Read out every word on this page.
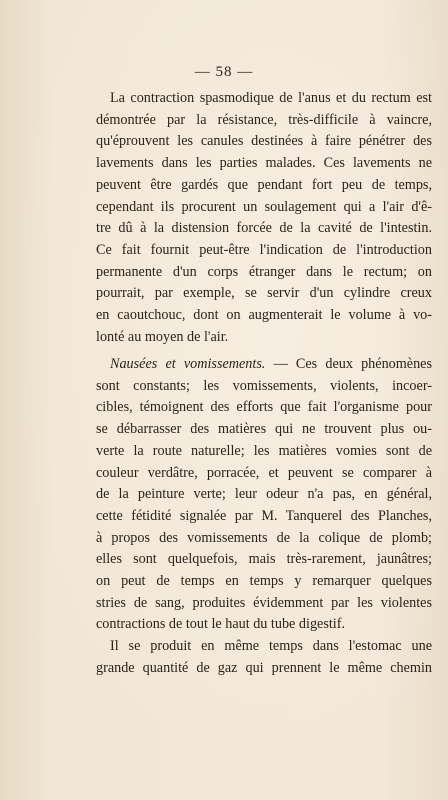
— 58 —
La contraction spasmodique de l'anus et du rectum est
démontrée par la résistance, très-difficile à vaincre,
qu'éprouvent les canules destinées à faire pénétrer des
lavements dans les parties malades. Ces lavements ne
peuvent être gardés que pendant fort peu de temps,
cependant ils procurent un soulagement qui a l'air d'ê-
tre dû à la distension forcée de la cavité de l'intestin.
Ce fait fournit peut-être l'indication de l'introduction
permanente d'un corps étranger dans le rectum; on
pourrait, par exemple, se servir d'un cylindre creux
en caoutchouc, dont on augmenterait le volume à vo-
lonté au moyen de l'air.
Nausées et vomissements. — Ces deux phénomènes
sont constants; les vomissements, violents, incoer-
cibles, témoignent des efforts que fait l'organisme pour
se débarrasser des matières qui ne trouvent plus ou-
verte la route naturelle; les matières vomies sont de
couleur verdâtre, porracée, et peuvent se comparer à
de la peinture verte; leur odeur n'a pas, en général,
cette fétidité signalée par M. Tanquerel des Planches,
à propos des vomissements de la colique de plomb;
elles sont quelquefois, mais très-rarement, jaunâtres;
on peut de temps en temps y remarquer quelques
stries de sang, produites évidemment par les violentes
contractions de tout le haut du tube digestif.
Il se produit en même temps dans l'estomac une
grande quantité de gaz qui prennent le même chemin
